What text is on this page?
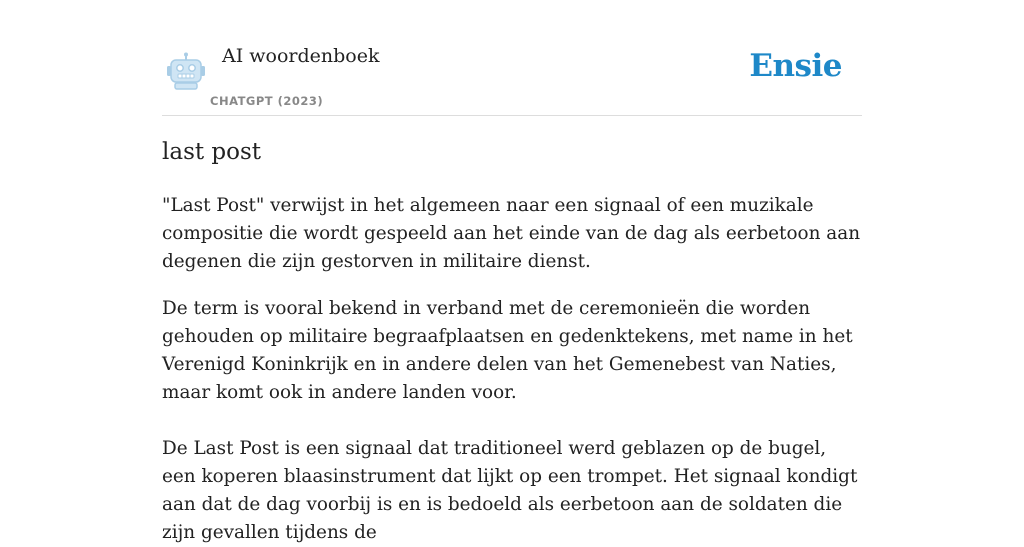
AI woordenboek
CHATGPT (2023)
Ensie
last post

"Last Post" verwijst in het algemeen naar een signaal of een muzikale compositie die wordt gespeeld aan het einde van de dag als eerbetoon aan degenen die zijn gestorven in militaire dienst.

De term is vooral bekend in verband met de ceremonieën die worden gehouden op militaire begraafplaatsen en gedenktekens, met name in het Verenigd Koninkrijk en in andere delen van het Gemenebest van Naties, maar komt ook in andere landen voor.

De Last Post is een signaal dat traditioneel werd geblazen op de bugel, een koperen blaasinstrument dat lijkt op een trompet. Het signaal kondigt aan dat de dag voorbij is en is bedoeld als eerbetoon aan de soldaten die zijn gevallen tijdens de
